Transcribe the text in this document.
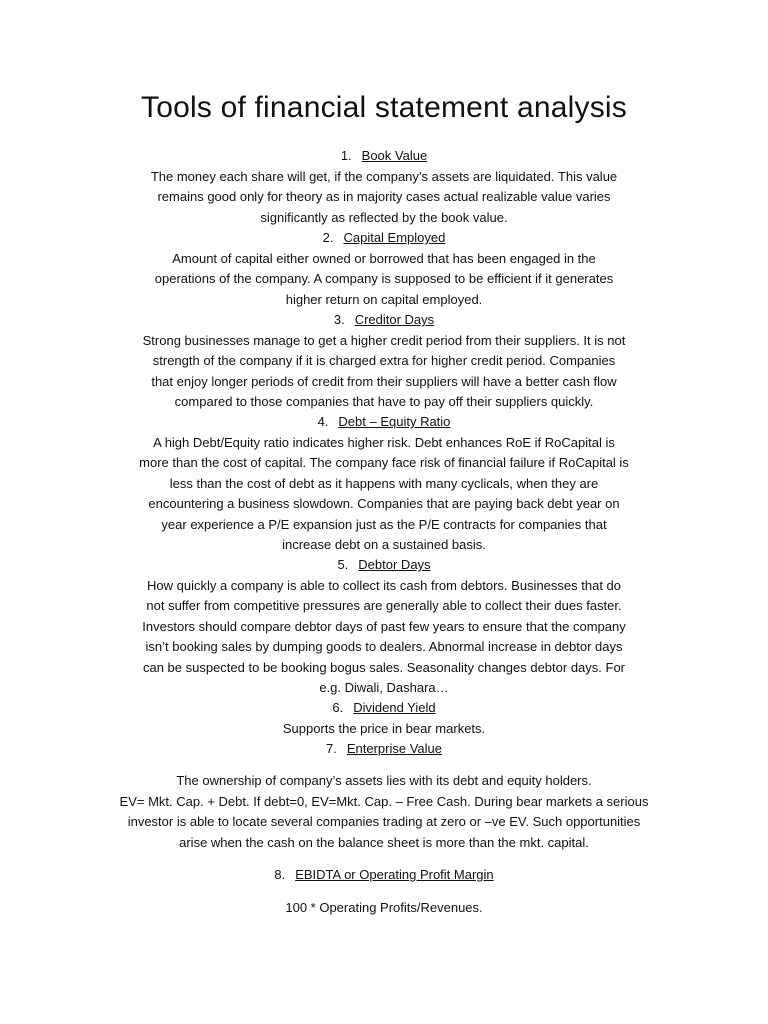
Tools of financial statement analysis
1. Book Value

The money each share will get, if the company’s assets are liquidated. This value
remains good only for theory as in majority cases actual realizable value varies
significantly as reflected by the book value.

2. Capital Employed

Amount of capital either owned or borrowed that has been engaged in the
operations of the company. A company is supposed to be efficient if it generates
higher return on capital employed.

3. Creditor Days

Strong businesses manage to get a higher credit period from their suppliers. It is not
strength of the company if it is charged extra for higher credit period. Companies
that enjoy longer periods of credit from their suppliers will have a better cash flow
compared to those companies that have to pay off their suppliers quickly.

4. Debt – Equity Ratio

A high Debt/Equity ratio indicates higher risk. Debt enhances RoE if RoCapital is
more than the cost of capital. The company face risk of financial failure if RoCapital is
less than the cost of debt as it happens with many cyclicals, when they are
encountering a business slowdown. Companies that are paying back debt year on
year experience a P/E expansion just as the P/E contracts for companies that
increase debt on a sustained basis.

5. Debtor Days

How quickly a company is able to collect its cash from debtors. Businesses that do
not suffer from competitive pressures are generally able to collect their dues faster.
Investors should compare debtor days of past few years to ensure that the company
isn’t booking sales by dumping goods to dealers. Abnormal increase in debtor days
can be suspected to be booking bogus sales. Seasonality changes debtor days. For
e.g. Diwali, Dashara…

6. Dividend Yield

Supports the price in bear markets.

7. Enterprise Value

The ownership of company’s assets lies with its debt and equity holders.
EV= Mkt. Cap. + Debt. If debt=0, EV=Mkt. Cap. – Free Cash. During bear markets a serious
investor is able to locate several companies trading at zero or –ve EV. Such opportunities
arise when the cash on the balance sheet is more than the mkt. capital.

8. EBIDTA or Operating Profit Margin

100 * Operating Profits/Revenues.
